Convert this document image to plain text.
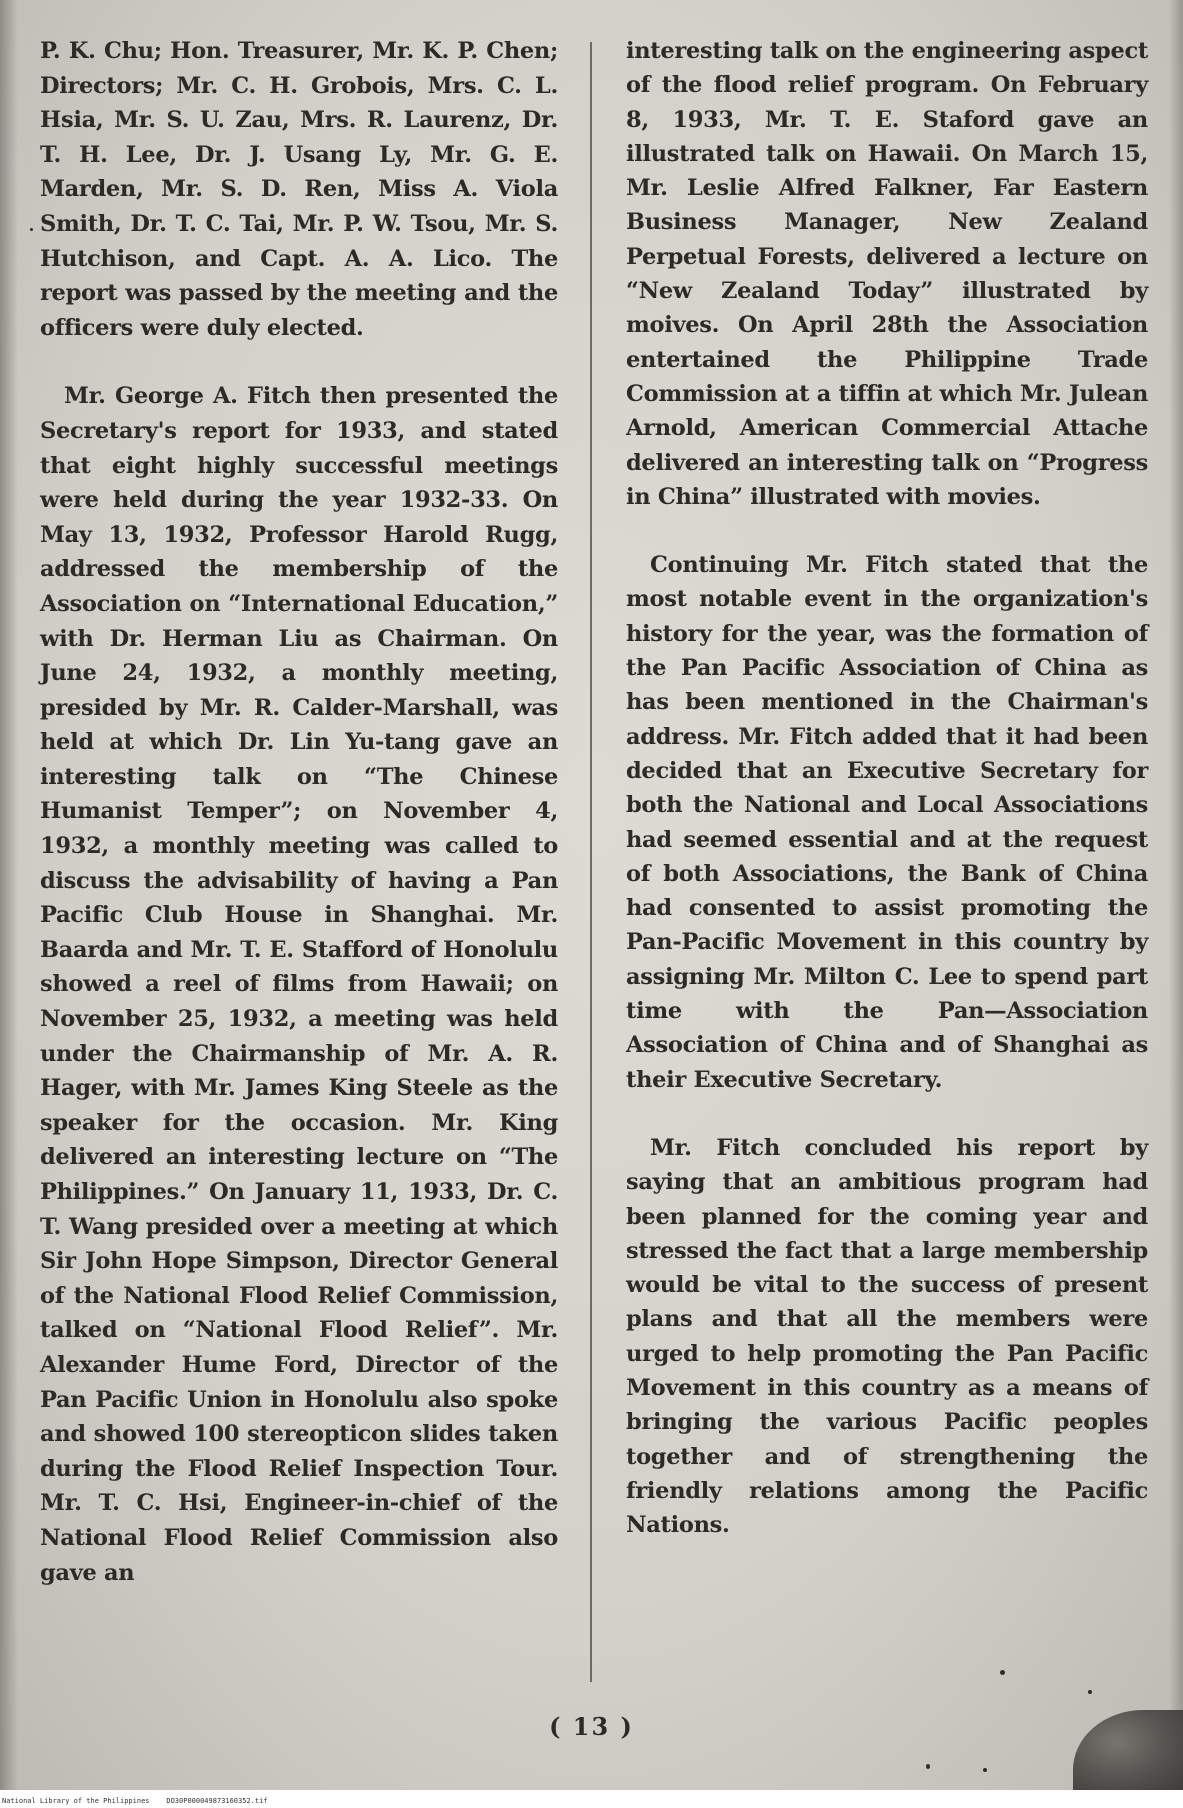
P. K. Chu; Hon. Treasurer, Mr. K. P. Chen; Directors; Mr. C. H. Grobois, Mrs. C. L. Hsia, Mr. S. U. Zau, Mrs. R. Laurenz, Dr. T. H. Lee, Dr. J. Usang Ly, Mr. G. E. Marden, Mr. S. D. Ren, Miss A. Viola Smith, Dr. T. C. Tai, Mr. P. W. Tsou, Mr. S. Hutchison, and Capt. A. A. Lico. The report was passed by the meeting and the officers were duly elected.

Mr. George A. Fitch then presented the Secretary's report for 1933, and stated that eight highly successful meetings were held during the year 1932-33. On May 13, 1932, Professor Harold Rugg, addressed the membership of the Association on “International Education,” with Dr. Herman Liu as Chairman. On June 24, 1932, a monthly meeting, presided by Mr. R. Calder-Marshall, was held at which Dr. Lin Yu-tang gave an interesting talk on “The Chinese Humanist Temper”; on November 4, 1932, a monthly meeting was called to discuss the advisability of having a Pan Pacific Club House in Shanghai. Mr. Baarda and Mr. T. E. Stafford of Honolulu showed a reel of films from Hawaii; on November 25, 1932, a meeting was held under the Chairmanship of Mr. A. R. Hager, with Mr. James King Steele as the speaker for the occasion. Mr. King delivered an interesting lecture on “The Philippines.” On January 11, 1933, Dr. C. T. Wang presided over a meeting at which Sir John Hope Simpson, Director General of the National Flood Relief Commission, talked on “National Flood Relief”. Mr. Alexander Hume Ford, Director of the Pan Pacific Union in Honolulu also spoke and showed 100 stereopticon slides taken during the Flood Relief Inspection Tour. Mr. T. C. Hsi, Engineer-in-chief of the National Flood Relief Commission also gave an

interesting talk on the engineering aspect of the flood relief program. On February 8, 1933, Mr. T. E. Staford gave an illustrated talk on Hawaii. On March 15, Mr. Leslie Alfred Falkner, Far Eastern Business Manager, New Zealand Perpetual Forests, delivered a lecture on “New Zealand Today” illustrated by moives. On April 28th the Association entertained the Philippine Trade Commission at a tiffin at which Mr. Julean Arnold, American Commercial Attache delivered an interesting talk on “Progress in China” illustrated with movies.

Continuing Mr. Fitch stated that the most notable event in the organization's history for the year, was the formation of the Pan Pacific Association of China as has been mentioned in the Chairman's address. Mr. Fitch added that it had been decided that an Executive Secretary for both the National and Local Associations had seemed essential and at the request of both Associations, the Bank of China had consented to assist promoting the Pan-Pacific Movement in this country by assigning Mr. Milton C. Lee to spend part time with the Pan—Association Association of China and of Shanghai as their Executive Secretary.

Mr. Fitch concluded his report by saying that an ambitious program had been planned for the coming year and stressed the fact that a large membership would be vital to the success of present plans and that all the members were urged to help promoting the Pan Pacific Movement in this country as a means of bringing the various Pacific peoples together and of strengthening the friendly relations among the Pacific Nations.

( 13 )
National Library of the Philippines DO30P000049873160352.tif
